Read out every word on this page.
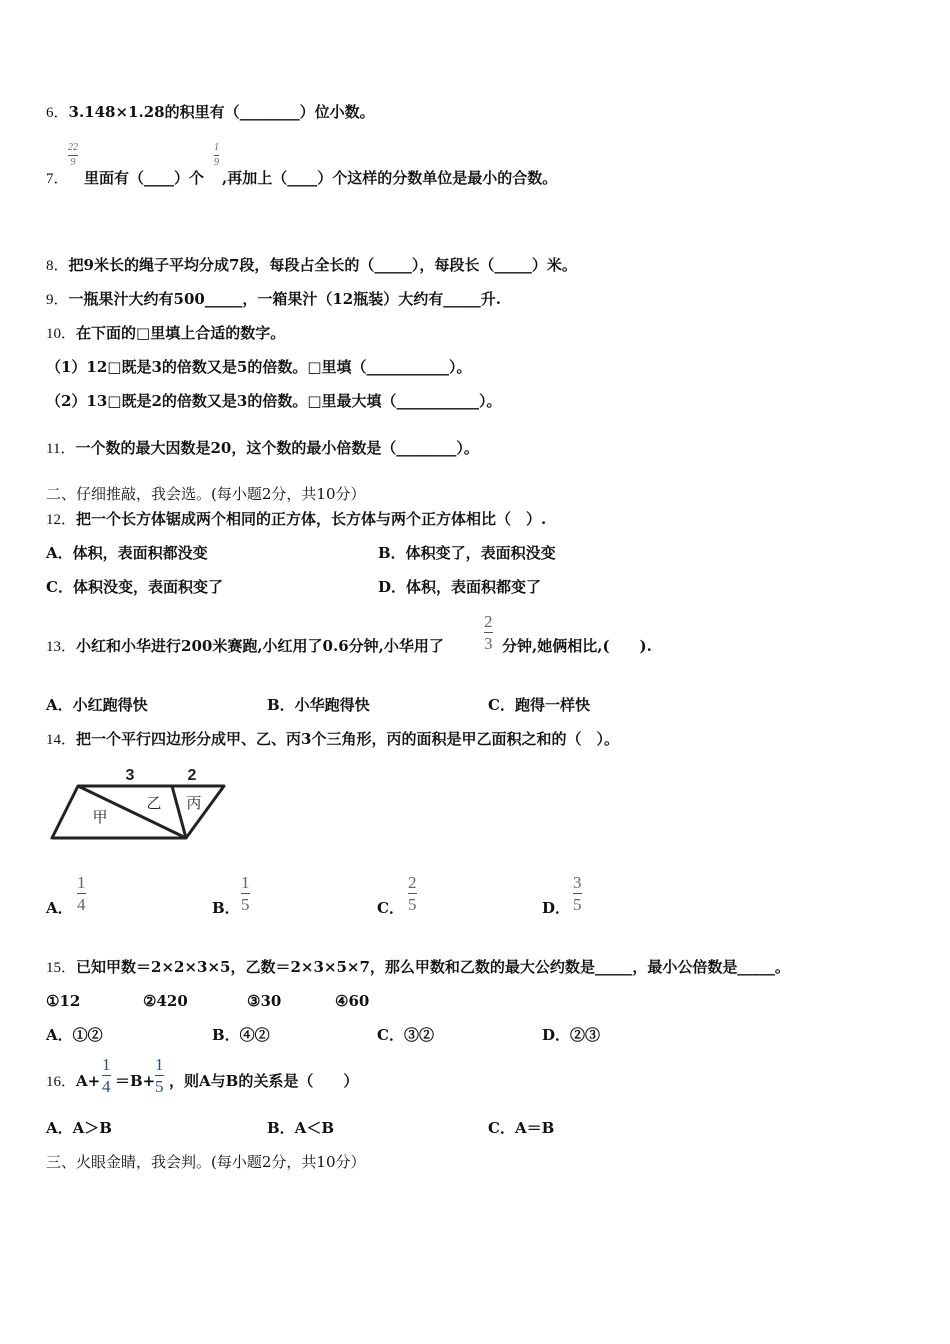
6．3.148×1.28的积里有（________）位小数。
7．
22
9
里面有（____）个
1
9
,再加上（____）个这样的分数单位是最小的合数。
8．把9米长的绳子平均分成7段，每段占全长的（_____），每段长（_____）米。
9．一瓶果汁大约有500_____，一箱果汁（12瓶装）大约有_____升.
10．在下面的□里填上合适的数字。
（1）12□既是3的倍数又是5的倍数。□里填（___________）。
（2）13□既是2的倍数又是3的倍数。□里最大填（___________）。
11．一个数的最大因数是20，这个数的最小倍数是（________）。
二、仔细推敲，我会选。(每小题2分，共10分）
12．把一个长方体锯成两个相同的正方体，长方体与两个正方体相比（　）.
A．体积，表面积都没变	B．体积变了，表面积没变
C．体积没变，表面积变了	D．体积，表面积都变了
13．小红和小华进行200米赛跑,小红用了0.6分钟,小华用了
2
3 分钟,她俩相比,(　　).
A．小红跑得快	B．小华跑得快	C．跑得一样快
14．把一个平行四边形分成甲、乙、丙3个三角形，丙的面积是甲乙面积之和的（　）。
3	2
甲
乙 丙
A．
1
4	B．
1
5	C．
2
5	D．
3
5
15．已知甲数＝2×2×3×5，乙数＝2×3×5×7，那么甲数和乙数的最大公约数是_____，最小公倍数是_____。
①12	②420	③30	④60
A．①②	B．④②	C．③②	D．②③
16．A+
1
4 ＝B+
1
5 ，则A与B的关系是（　　）
A．A＞B	B．A＜B	C．A＝B
三、火眼金睛，我会判。(每小题2分，共10分）
